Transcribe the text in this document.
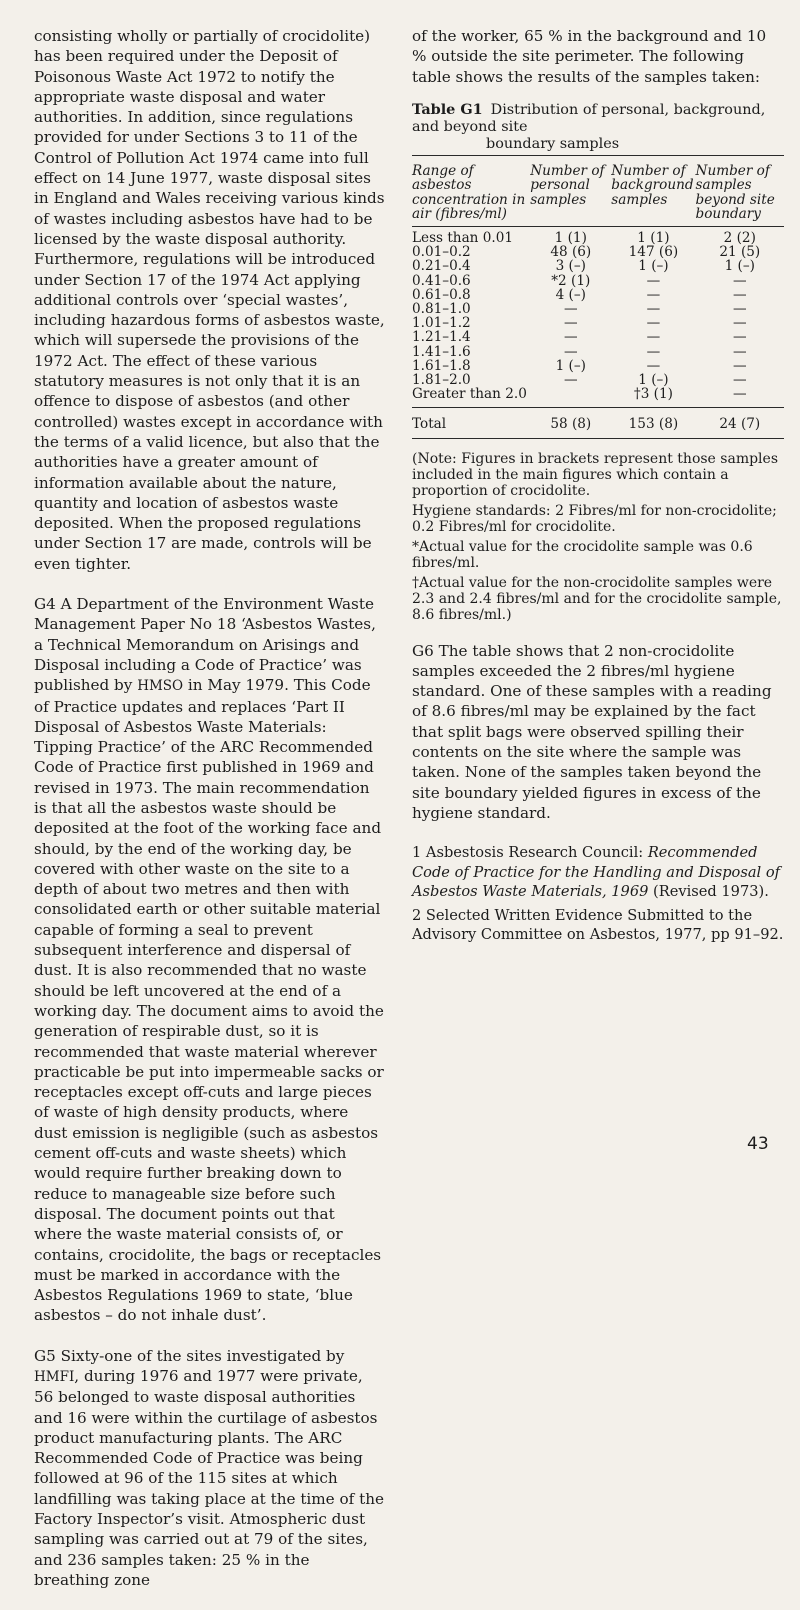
consisting wholly or partially of crocidolite) has been required under the Deposit of Poisonous Waste Act 1972 to notify the appropriate waste disposal and water authorities. In addition, since regulations provided for under Sections 3 to 11 of the Control of Pollution Act 1974 came into full effect on 14 June 1977, waste disposal sites in England and Wales receiving various kinds of wastes including asbestos have had to be licensed by the waste disposal authority. Furthermore, regulations will be introduced under Section 17 of the 1974 Act applying additional controls over ‘special wastes’, including hazardous forms of asbestos waste, which will supersede the provisions of the 1972 Act. The effect of these various statutory measures is not only that it is an offence to dispose of asbestos (and other controlled) wastes except in accordance with the terms of a valid licence, but also that the authorities have a greater amount of information available about the nature, quantity and location of asbestos waste deposited. When the proposed regulations under Section 17 are made, controls will be even tighter.

G4 A Department of the Environment Waste Management Paper No 18 ‘Asbestos Wastes, a Technical Memorandum on Arisings and Disposal including a Code of Practice’ was published by HMSO in May 1979. This Code of Practice updates and replaces ‘Part II Disposal of Asbestos Waste Materials: Tipping Practice’ of the ARC Recommended Code of Practice first published in 1969 and revised in 1973. The main recommendation is that all the asbestos waste should be deposited at the foot of the working face and should, by the end of the working day, be covered with other waste on the site to a depth of about two metres and then with consolidated earth or other suitable material capable of forming a seal to prevent subsequent interference and dispersal of dust. It is also recommended that no waste should be left uncovered at the end of a working day. The document aims to avoid the generation of respirable dust, so it is recommended that waste material wherever practicable be put into impermeable sacks or receptacles except off-cuts and large pieces of waste of high density products, where dust emission is negligible (such as asbestos cement off-cuts and waste sheets) which would require further breaking down to reduce to manageable size before such disposal. The document points out that where the waste material consists of, or contains, crocidolite, the bags or receptacles must be marked in accordance with the Asbestos Regulations 1969 to state, ‘blue asbestos – do not inhale dust’.

G5 Sixty-one of the sites investigated by HMFI, during 1976 and 1977 were private, 56 belonged to waste disposal authorities and 16 were within the curtilage of asbestos product manufacturing plants. The ARC Recommended Code of Practice was being followed at 96 of the 115 sites at which landfilling was taking place at the time of the Factory Inspector’s visit. Atmospheric dust sampling was carried out at 79 of the sites, and 236 samples taken: 25 % in the breathing zone

of the worker, 65 % in the background and 10 % outside the site perimeter. The following table shows the results of the samples taken:

Table G1 Distribution of personal, background, and beyond site
boundary samples
Range of asbestos concentration in air (fibres/ml)	Number of personal samples	Number of background samples	Number of samples beyond site boundary

Less than 0.01	1 (1)	1 (1)	2 (2)
0.01–0.2	48 (6)	147 (6)	21 (5)
0.21–0.4	3 (–)	1 (–)	1 (–)
0.41–0.6	*2 (1)	—	—
0.61–0.8	4 (–)	—	—
0.81–1.0	—	—	—
1.01–1.2	—	—	—
1.21–1.4	—	—	—
1.41–1.6	—	—	—
1.61–1.8	1 (–)	—	—
1.81–2.0	—	1 (–)	—
Greater than 2.0		†3 (1)	—

Total	58 (8)	153 (8)	24 (7)

(Note: Figures in brackets represent those samples included in the main figures which contain a proportion of crocidolite.

Hygiene standards: 2 Fibres/ml for non-crocidolite; 0.2 Fibres/ml for crocidolite.

*Actual value for the crocidolite sample was 0.6 fibres/ml.

†Actual value for the non-crocidolite samples were 2.3 and 2.4 fibres/ml and for the crocidolite sample, 8.6 fibres/ml.)

G6 The table shows that 2 non-crocidolite samples exceeded the 2 fibres/ml hygiene standard. One of these samples with a reading of 8.6 fibres/ml may be explained by the fact that split bags were observed spilling their contents on the site where the sample was taken. None of the samples taken beyond the site boundary yielded figures in excess of the hygiene standard.

1 Asbestosis Research Council: Recommended Code of Practice for the Handling and Disposal of Asbestos Waste Materials, 1969 (Revised 1973).

2 Selected Written Evidence Submitted to the Advisory Committee on Asbestos, 1977, pp 91–92.

43
